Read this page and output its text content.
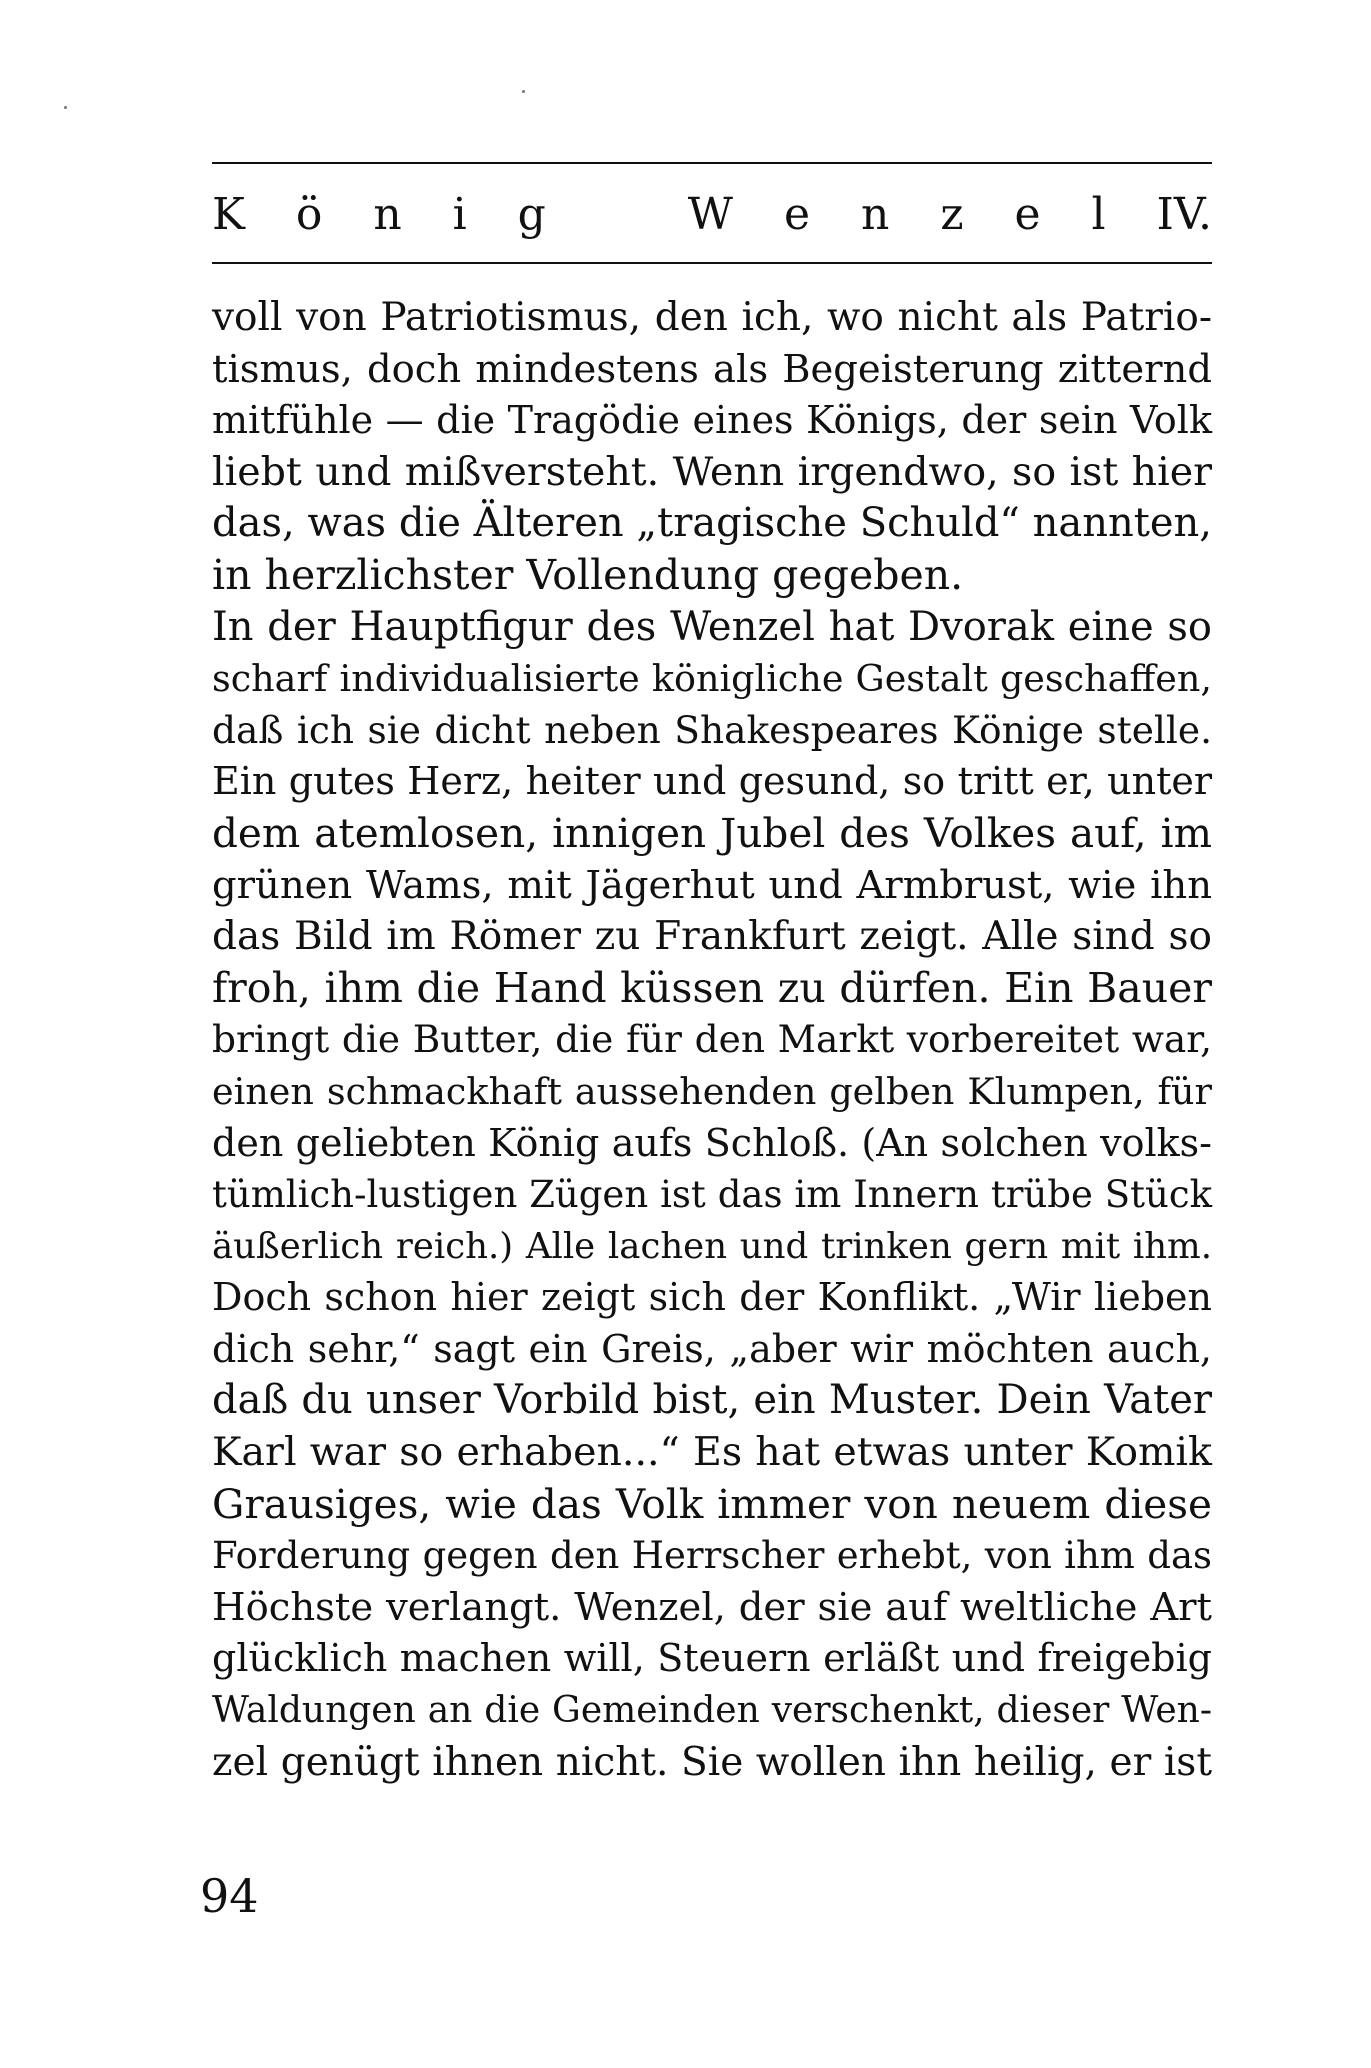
K ö n i g	W e n z e l IV.
voll von Patriotismus, den ich, wo nicht als Patrio-
tismus, doch mindestens als Begeisterung zitternd
mitfühle — die Tragödie eines Königs, der sein Volk
liebt und mißversteht. Wenn irgendwo, so ist hier
das, was die Älteren „tragische Schuld“ nannten,
in herzlichster Vollendung gegeben.
In der Hauptfigur des Wenzel hat Dvorak eine so
scharf individualisierte königliche Gestalt geschaffen,
daß ich sie dicht neben Shakespeares Könige stelle.
Ein gutes Herz, heiter und gesund, so tritt er, unter
dem atemlosen, innigen Jubel des Volkes auf, im
grünen Wams, mit Jägerhut und Armbrust, wie ihn
das Bild im Römer zu Frankfurt zeigt. Alle sind so
froh, ihm die Hand küssen zu dürfen. Ein Bauer
bringt die Butter, die für den Markt vorbereitet war,
einen schmackhaft aussehenden gelben Klumpen, für
den geliebten König aufs Schloß. (An solchen volks-
tümlich-lustigen Zügen ist das im Innern trübe Stück
äußerlich reich.) Alle lachen und trinken gern mit ihm.
Doch schon hier zeigt sich der Konflikt. „Wir lieben
dich sehr,“ sagt ein Greis, „aber wir möchten auch,
daß du unser Vorbild bist, ein Muster. Dein Vater
Karl war so erhaben...“ Es hat etwas unter Komik
Grausiges, wie das Volk immer von neuem diese
Forderung gegen den Herrscher erhebt, von ihm das
Höchste verlangt. Wenzel, der sie auf weltliche Art
glücklich machen will, Steuern erläßt und freigebig
Waldungen an die Gemeinden verschenkt, dieser Wen-
zel genügt ihnen nicht. Sie wollen ihn heilig, er ist
94
